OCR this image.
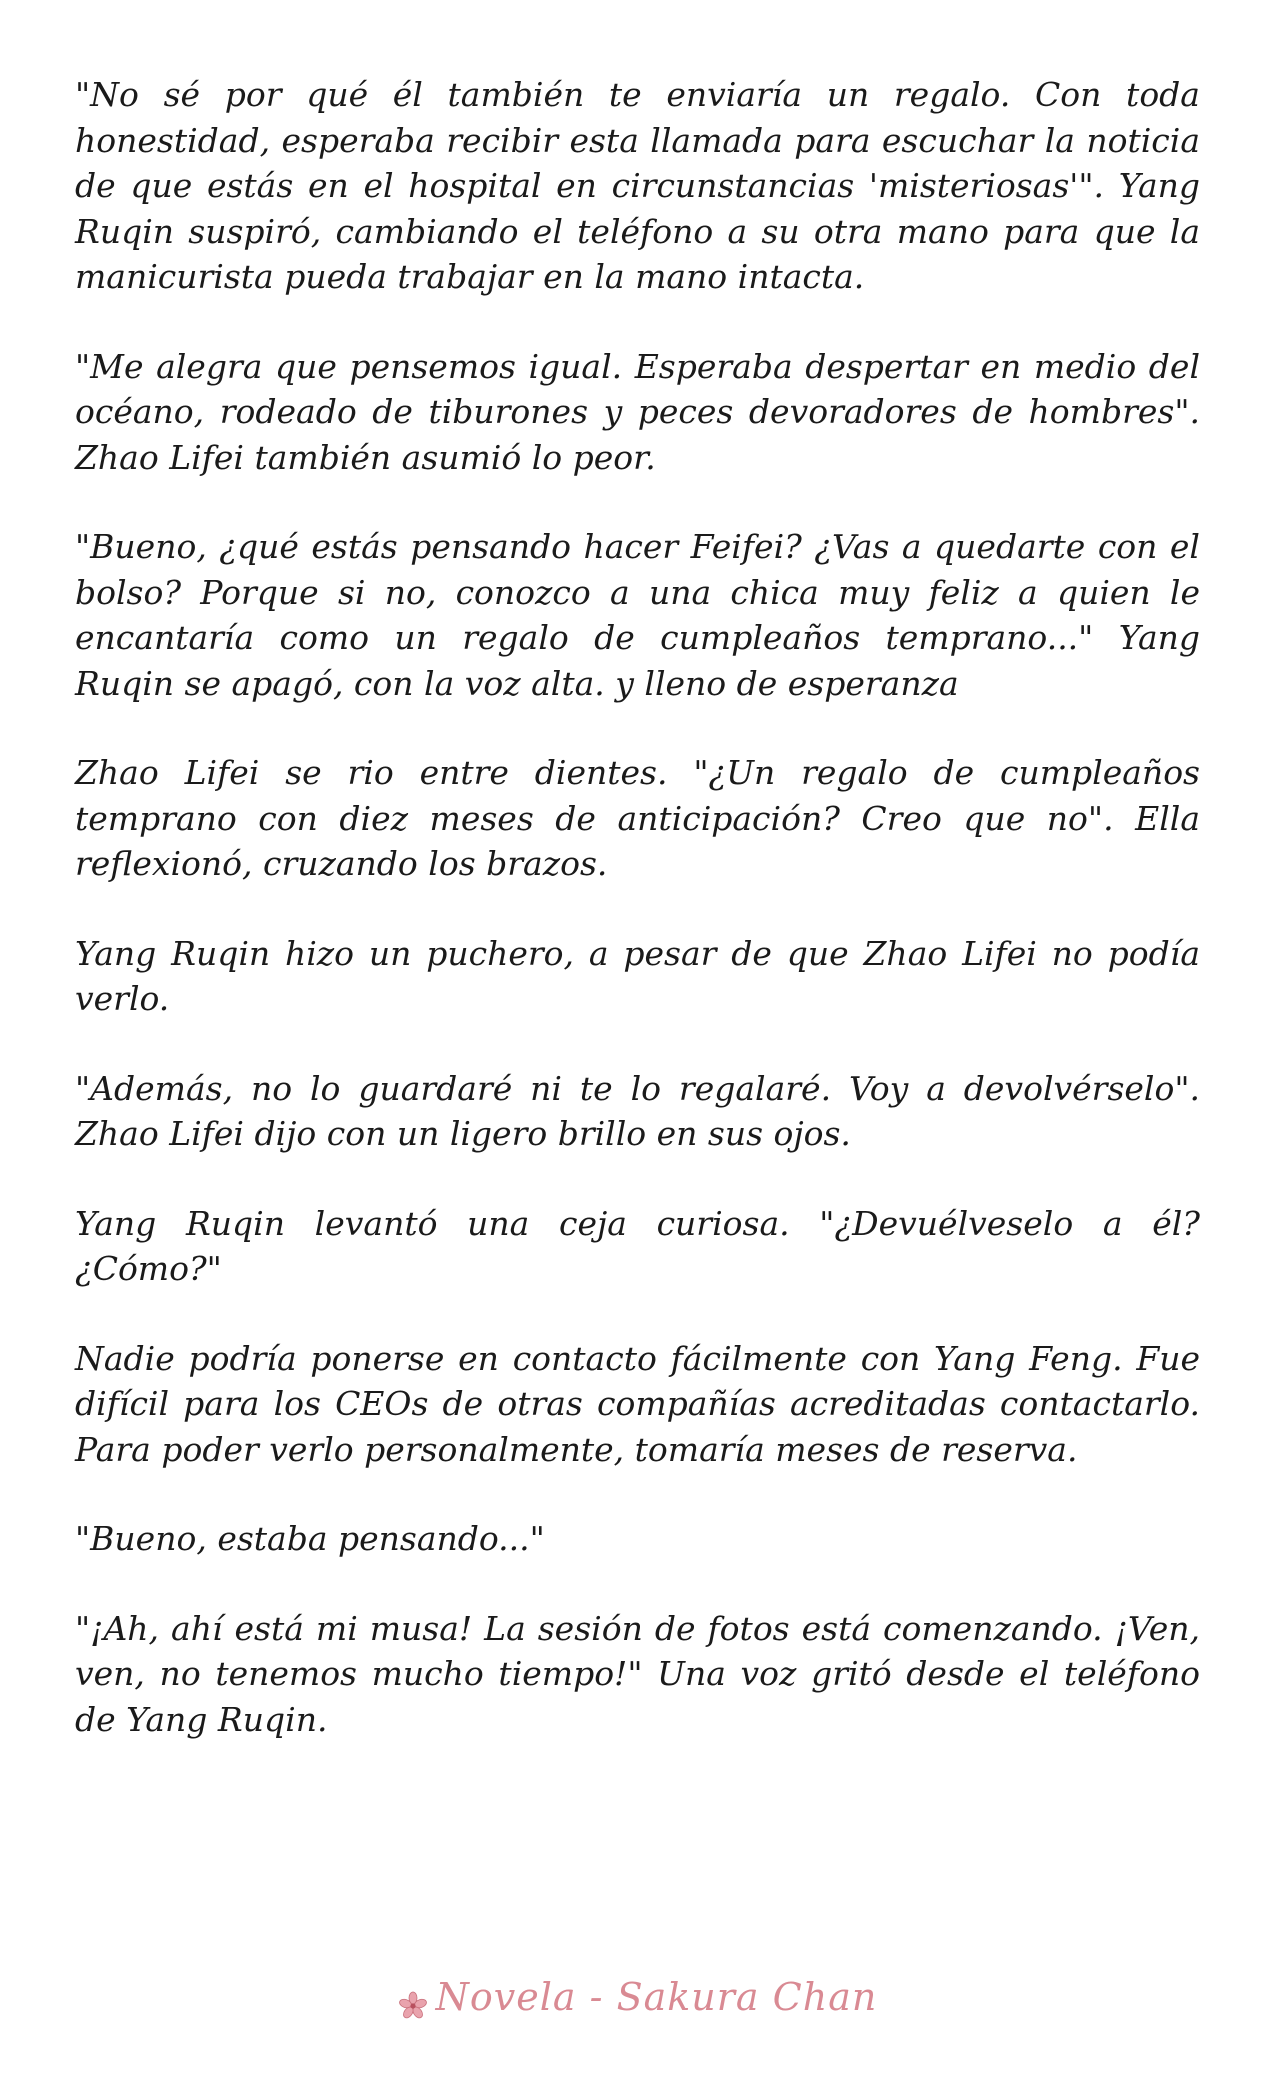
"No sé por qué él también te enviaría un regalo. Con toda honestidad, esperaba recibir esta llamada para escuchar la noticia de que estás en el hospital en circunstancias 'misteriosas'". Yang Ruqin suspiró, cambiando el teléfono a su otra mano para que la manicurista pueda trabajar en la mano intacta.

"Me alegra que pensemos igual. Esperaba despertar en medio del océano, rodeado de tiburones y peces devoradores de hombres". Zhao Lifei también asumió lo peor.

"Bueno, ¿qué estás pensando hacer Feifei? ¿Vas a quedarte con el bolso? Porque si no, conozco a una chica muy feliz a quien le encantaría como un regalo de cumpleaños temprano..." Yang Ruqin se apagó, con la voz alta. y lleno de esperanza

Zhao Lifei se rio entre dientes. "¿Un regalo de cumpleaños temprano con diez meses de anticipación? Creo que no". Ella reflexionó, cruzando los brazos.

Yang Ruqin hizo un puchero, a pesar de que Zhao Lifei no podía verlo.

"Además, no lo guardaré ni te lo regalaré. Voy a devolvérselo". Zhao Lifei dijo con un ligero brillo en sus ojos.

Yang Ruqin levantó una ceja curiosa. "¿Devuélveselo a él? ¿Cómo?"

Nadie podría ponerse en contacto fácilmente con Yang Feng. Fue difícil para los CEOs de otras compañías acreditadas contactarlo. Para poder verlo personalmente, tomaría meses de reserva.

"Bueno, estaba pensando..."

"¡Ah, ahí está mi musa! La sesión de fotos está comenzando. ¡Ven, ven, no tenemos mucho tiempo!" Una voz gritó desde el teléfono de Yang Ruqin.

Novela - Sakura Chan
